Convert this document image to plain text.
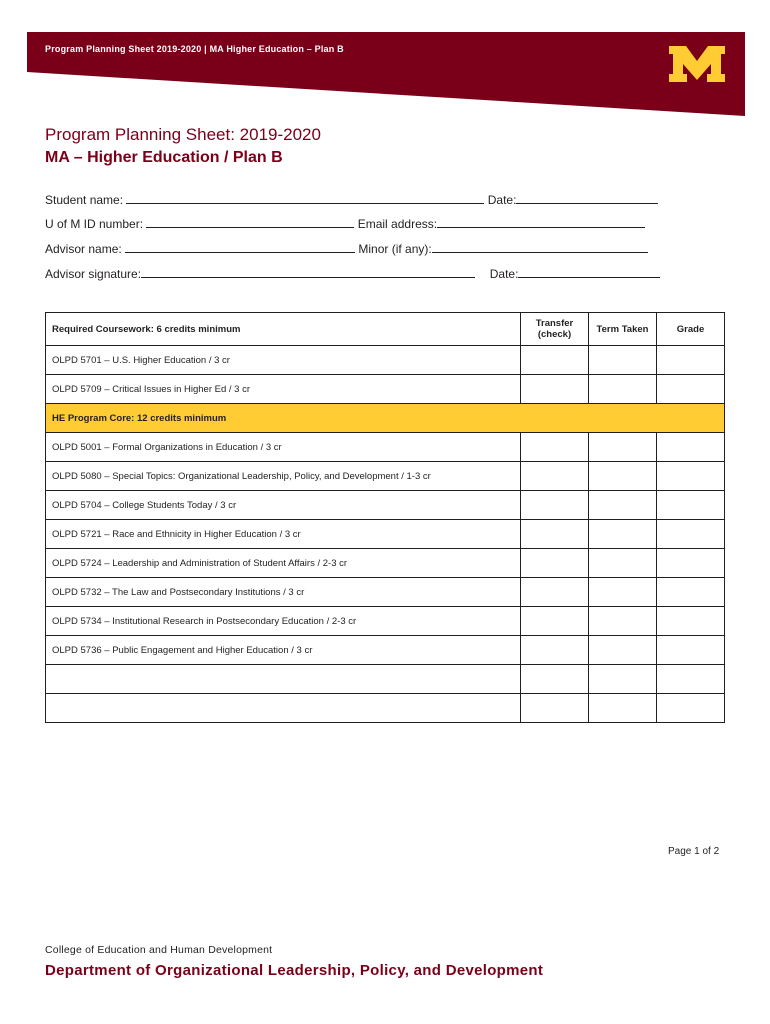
Program Planning Sheet 2019-2020 | MA Higher Education – Plan B
Program Planning Sheet: 2019-2020
MA – Higher Education / Plan B
Student name:	Date:
U of M ID number:	Email address:
Advisor name:	Minor (if any):
Advisor signature:	Date:
Required Coursework: 6 credits minimum	Transfer (check)	Term Taken	Grade
OLPD 5701 – U.S. Higher Education / 3 cr			
OLPD 5709 – Critical Issues in Higher Ed / 3 cr			
HE Program Core: 12 credits minimum			
OLPD 5001 – Formal Organizations in Education / 3 cr			
OLPD 5080 – Special Topics: Organizational Leadership, Policy, and Development / 1-3 cr			
OLPD 5704 – College Students Today / 3 cr			
OLPD 5721 – Race and Ethnicity in Higher Education / 3 cr			
OLPD 5724 – Leadership and Administration of Student Affairs / 2-3 cr			
OLPD 5732 – The Law and Postsecondary Institutions / 3 cr			
OLPD 5734 – Institutional Research in Postsecondary Education / 2-3 cr			
OLPD 5736 – Public Engagement and Higher Education / 3 cr			

Page 1 of 2
College of Education and Human Development
Department of Organizational Leadership, Policy, and Development
